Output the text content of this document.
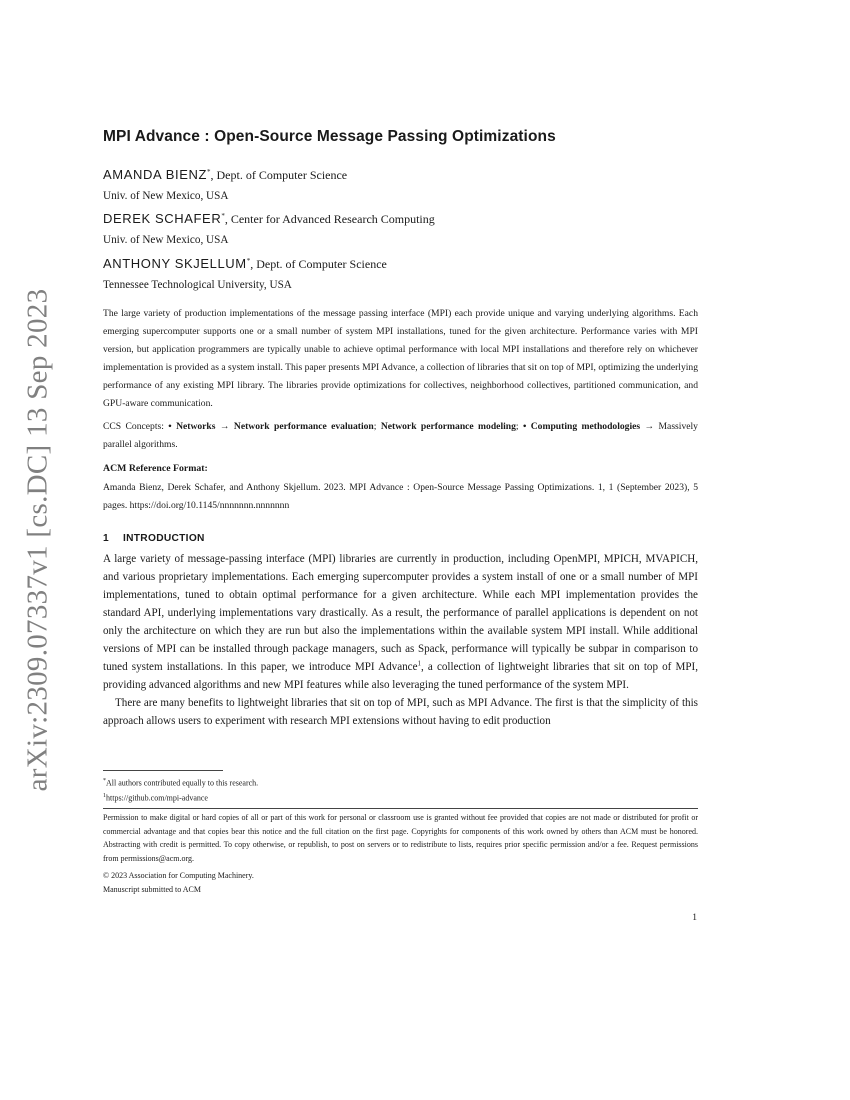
arXiv:2309.07337v1 [cs.DC] 13 Sep 2023
MPI Advance : Open-Source Message Passing Optimizations
AMANDA BIENZ*, Dept. of Computer Science
Univ. of New Mexico, USA
DEREK SCHAFER*, Center for Advanced Research Computing
Univ. of New Mexico, USA
ANTHONY SKJELLUM*, Dept. of Computer Science
Tennessee Technological University, USA
The large variety of production implementations of the message passing interface (MPI) each provide unique and varying underlying algorithms. Each emerging supercomputer supports one or a small number of system MPI installations, tuned for the given architecture. Performance varies with MPI version, but application programmers are typically unable to achieve optimal performance with local MPI installations and therefore rely on whichever implementation is provided as a system install. This paper presents MPI Advance, a collection of libraries that sit on top of MPI, optimizing the underlying performance of any existing MPI library. The libraries provide optimizations for collectives, neighborhood collectives, partitioned communication, and GPU-aware communication.
CCS Concepts: • Networks → Network performance evaluation; Network performance modeling; • Computing methodologies → Massively parallel algorithms.
ACM Reference Format:
Amanda Bienz, Derek Schafer, and Anthony Skjellum. 2023. MPI Advance : Open-Source Message Passing Optimizations. 1, 1 (September 2023), 5 pages. https://doi.org/10.1145/nnnnnnn.nnnnnnn
1 INTRODUCTION

A large variety of message-passing interface (MPI) libraries are currently in production, including OpenMPI, MPICH, MVAPICH, and various proprietary implementations. Each emerging supercomputer provides a system install of one or a small number of MPI implementations, tuned to obtain optimal performance for a given architecture. While each MPI implementation provides the standard API, underlying implementations vary drastically. As a result, the performance of parallel applications is dependent on not only the architecture on which they are run but also the implementations within the available system MPI install. While additional versions of MPI can be installed through package managers, such as Spack, performance will typically be subpar in comparison to tuned system installations. In this paper, we introduce MPI Advance$^1$, a collection of lightweight libraries that sit on top of MPI, providing advanced algorithms and new MPI features while also leveraging the tuned performance of the system MPI.

There are many benefits to lightweight libraries that sit on top of MPI, such as MPI Advance. The first is that the simplicity of this approach allows users to experiment with research MPI extensions without having to edit production

*All authors contributed equally to this research.
$^1$https://github.com/mpi-advance
Permission to make digital or hard copies of all or part of this work for personal or classroom use is granted without fee provided that copies are not made or distributed for profit or commercial advantage and that copies bear this notice and the full citation on the first page. Copyrights for components of this work owned by others than ACM must be honored. Abstracting with credit is permitted. To copy otherwise, or republish, to post on servers or to redistribute to lists, requires prior specific permission and/or a fee. Request permissions from permissions@acm.org.
© 2023 Association for Computing Machinery.
Manuscript submitted to ACM
1
